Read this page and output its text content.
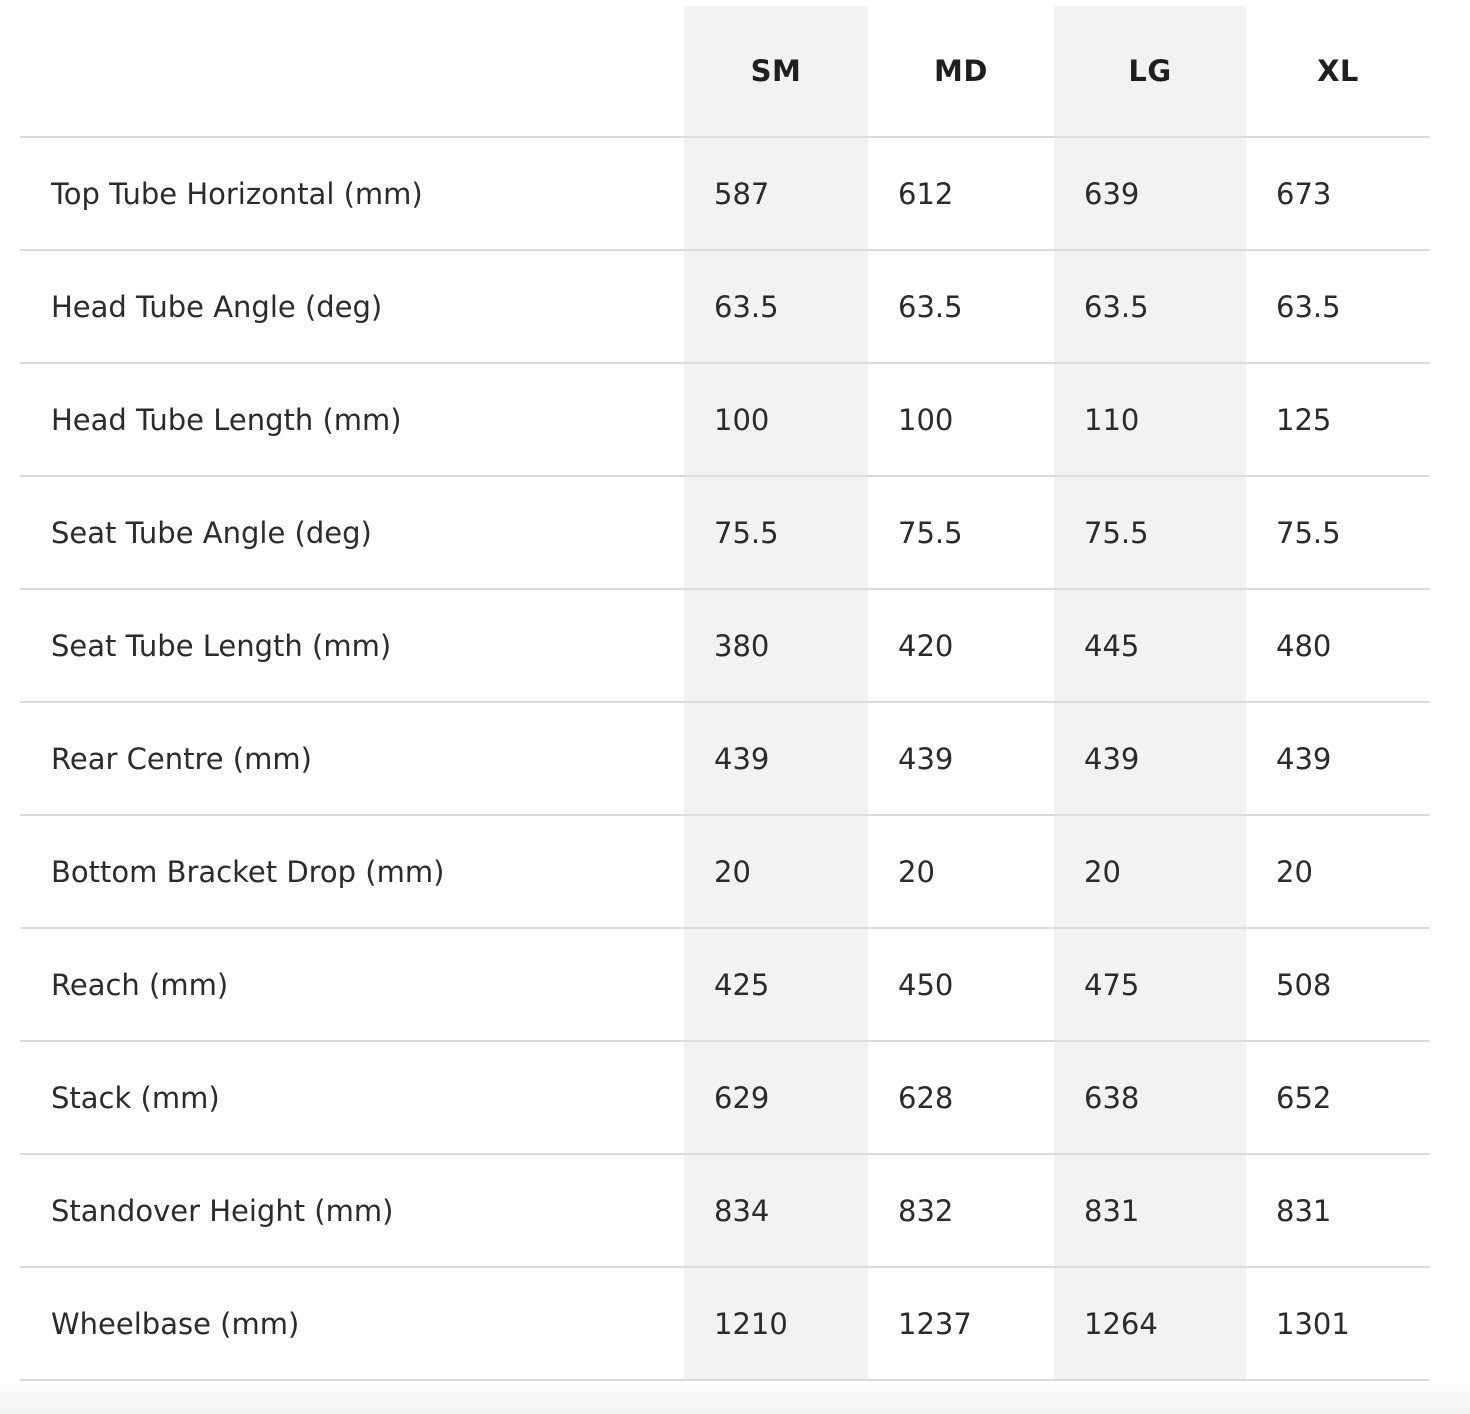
	SM	MD	LG	XL
Top Tube Horizontal (mm)	587	612	639	673
Head Tube Angle (deg)	63.5	63.5	63.5	63.5
Head Tube Length (mm)	100	100	110	125
Seat Tube Angle (deg)	75.5	75.5	75.5	75.5
Seat Tube Length (mm)	380	420	445	480
Rear Centre (mm)	439	439	439	439
Bottom Bracket Drop (mm)	20	20	20	20
Reach (mm)	425	450	475	508
Stack (mm)	629	628	638	652
Standover Height (mm)	834	832	831	831
Wheelbase (mm)	1210	1237	1264	1301
